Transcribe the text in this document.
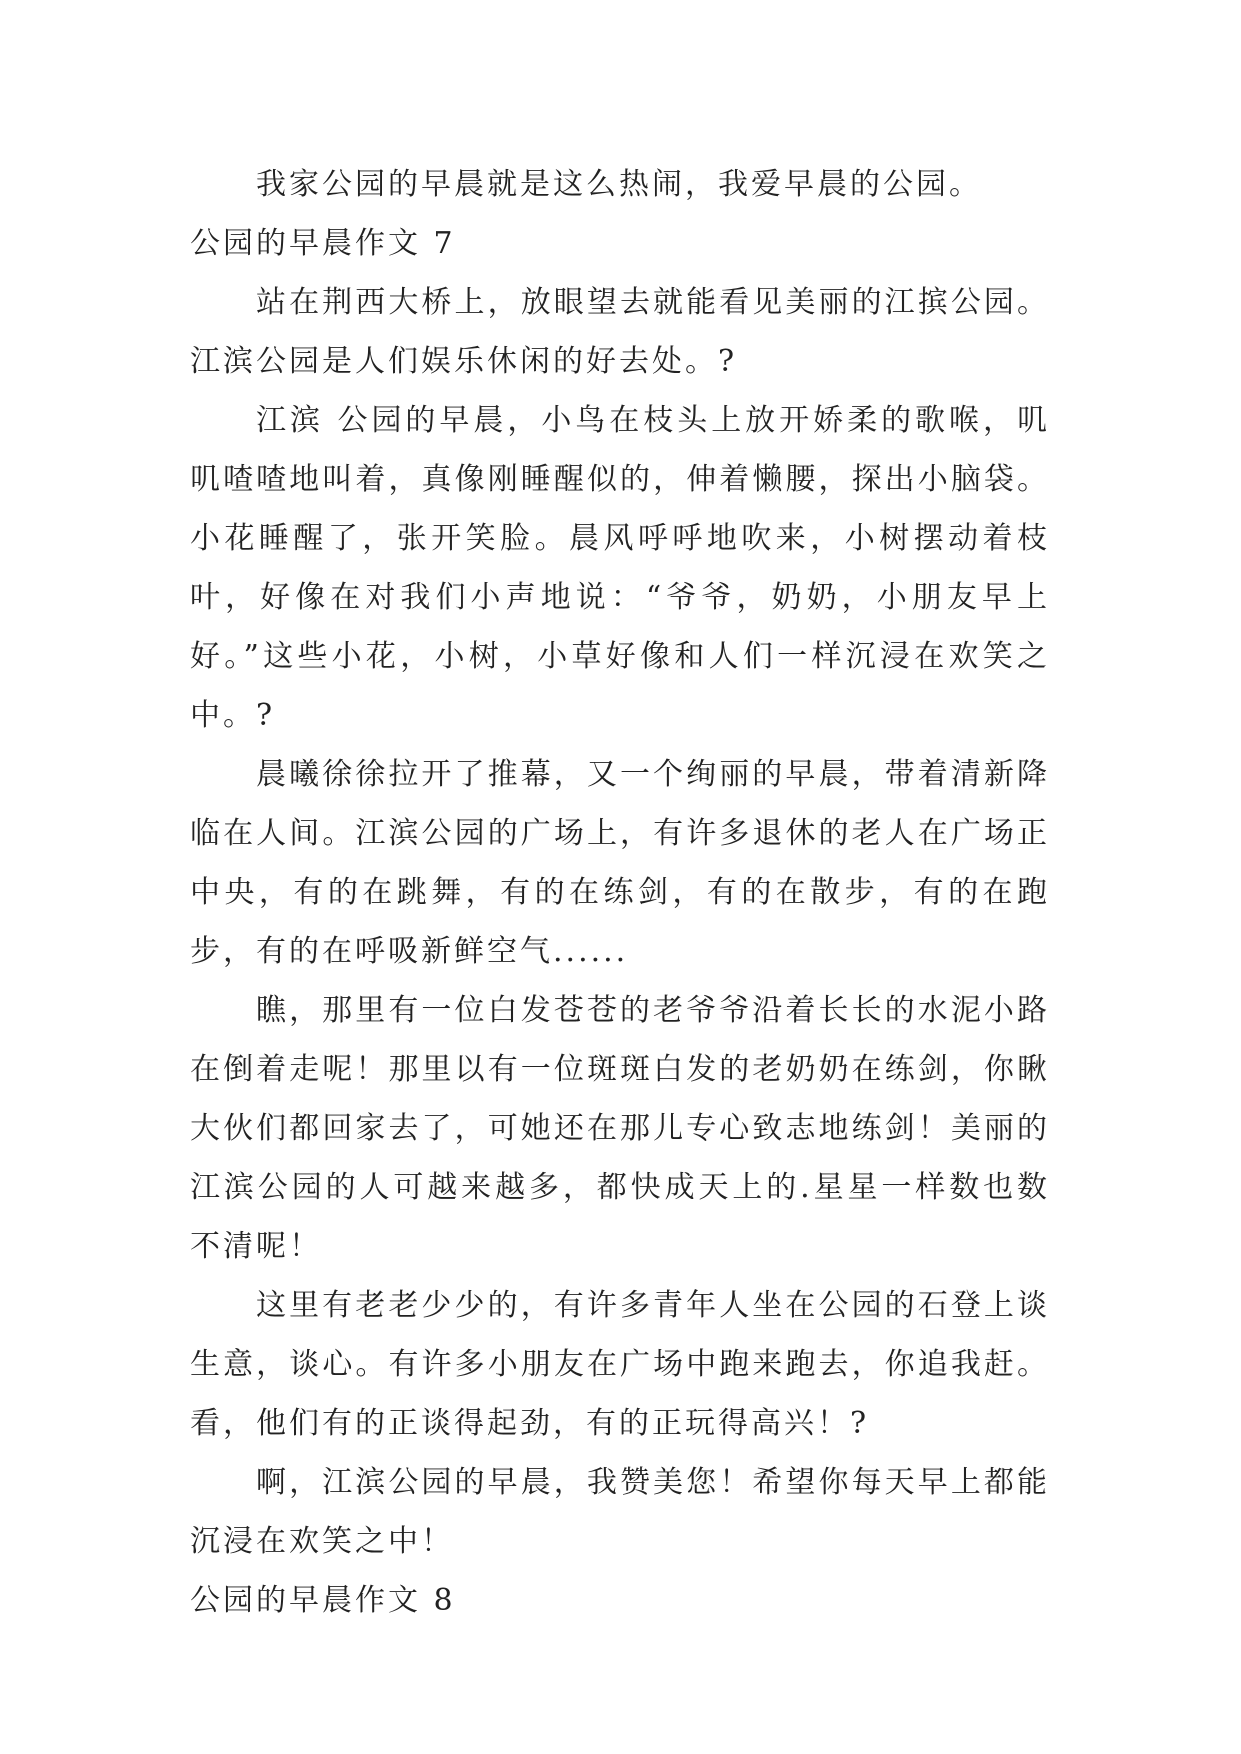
我家公园的早晨就是这么热闹，我爱早晨的公园。

公园的早晨作文 7

站在荆西大桥上，放眼望去就能看见美丽的江摈公园。江滨公园是人们娱乐休闲的好去处。?

江滨 公园的早晨，小鸟在枝头上放开娇柔的歌喉，叽叽喳喳地叫着，真像刚睡醒似的，伸着懒腰，探出小脑袋。小花睡醒了，张开笑脸。晨风呼呼地吹来，小树摆动着枝叶，好像在对我们小声地说：“爷爷，奶奶，小朋友早上好。”这些小花，小树，小草好像和人们一样沉浸在欢笑之中。?

晨曦徐徐拉开了推幕，又一个绚丽的早晨，带着清新降临在人间。江滨公园的广场上，有许多退休的老人在广场正中央，有的在跳舞，有的在练剑，有的在散步，有的在跑步，有的在呼吸新鲜空气......

瞧，那里有一位白发苍苍的老爷爷沿着长长的水泥小路在倒着走呢！那里以有一位斑斑白发的老奶奶在练剑，你瞅大伙们都回家去了，可她还在那儿专心致志地练剑！美丽的江滨公园的人可越来越多，都快成天上的.星星一样数也数不清呢！

这里有老老少少的，有许多青年人坐在公园的石登上谈生意，谈心。有许多小朋友在广场中跑来跑去，你追我赶。看，他们有的正谈得起劲，有的正玩得高兴！?

啊，江滨公园的早晨，我赞美您！希望你每天早上都能沉浸在欢笑之中！

公园的早晨作文 8
